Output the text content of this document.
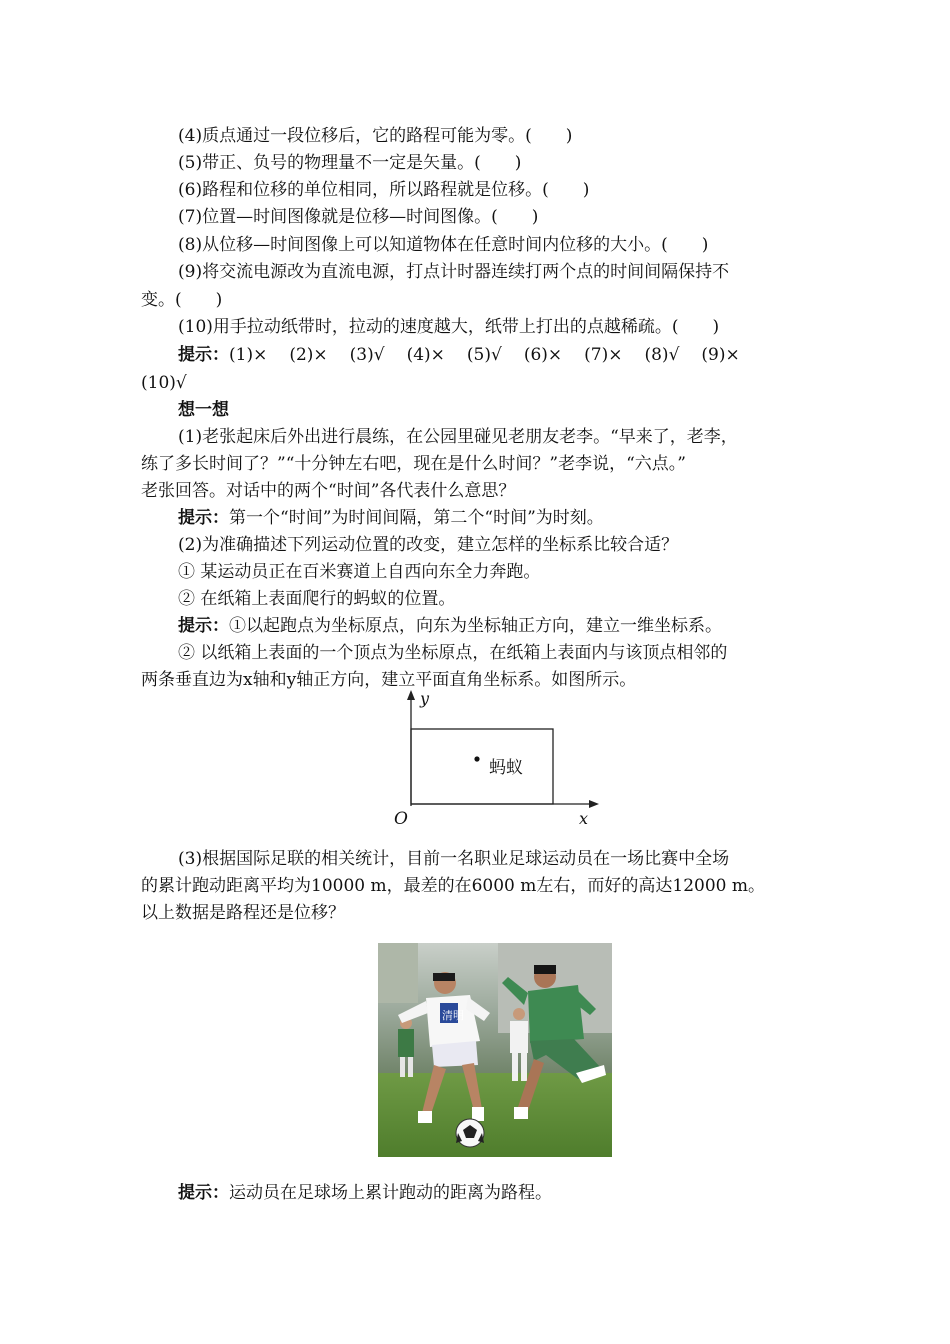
(4)质点通过一段位移后，它的路程可能为零。(　　)
(5)带正、负号的物理量不一定是矢量。(　　)
(6)路程和位移的单位相同，所以路程就是位移。(　　)
(7)位置—时间图像就是位移—时间图像。(　　)
(8)从位移—时间图像上可以知道物体在任意时间内位移的大小。(　　)
(9)将交流电源改为直流电源，打点计时器连续打两个点的时间间隔保持不
变。(　　)
(10)用手拉动纸带时，拉动的速度越大，纸带上打出的点越稀疏。(　　)
提示：(1)× (2)× (3)√ (4)× (5)√ (6)× (7)× (8)√ (9)×
(10)√
想一想
(1)老张起床后外出进行晨练，在公园里碰见老朋友老李。“早来了，老李，
练了多长时间了？”“十分钟左右吧，现在是什么时间？”老李说，“六点。”
老张回答。对话中的两个“时间”各代表什么意思？
提示：第一个“时间”为时间间隔，第二个“时间”为时刻。
(2)为准确描述下列运动位置的改变，建立怎样的坐标系比较合适？
① 某运动员正在百米赛道上自西向东全力奔跑。
② 在纸箱上表面爬行的蚂蚁的位置。
提示：①以起跑点为坐标原点，向东为坐标轴正方向，建立一维坐标系。
② 以纸箱上表面的一个顶点为坐标原点，在纸箱上表面内与该顶点相邻的
两条垂直边为x轴和y轴正方向，建立平面直角坐标系。如图所示。
蚂蚁
y
x
O
(3)根据国际足联的相关统计，目前一名职业足球运动员在一场比赛中全场
的累计跑动距离平均为10000 m，最差的在6000 m左右，而好的高达12000 m。
以上数据是路程还是位移？
清明
提示：运动员在足球场上累计跑动的距离为路程。
